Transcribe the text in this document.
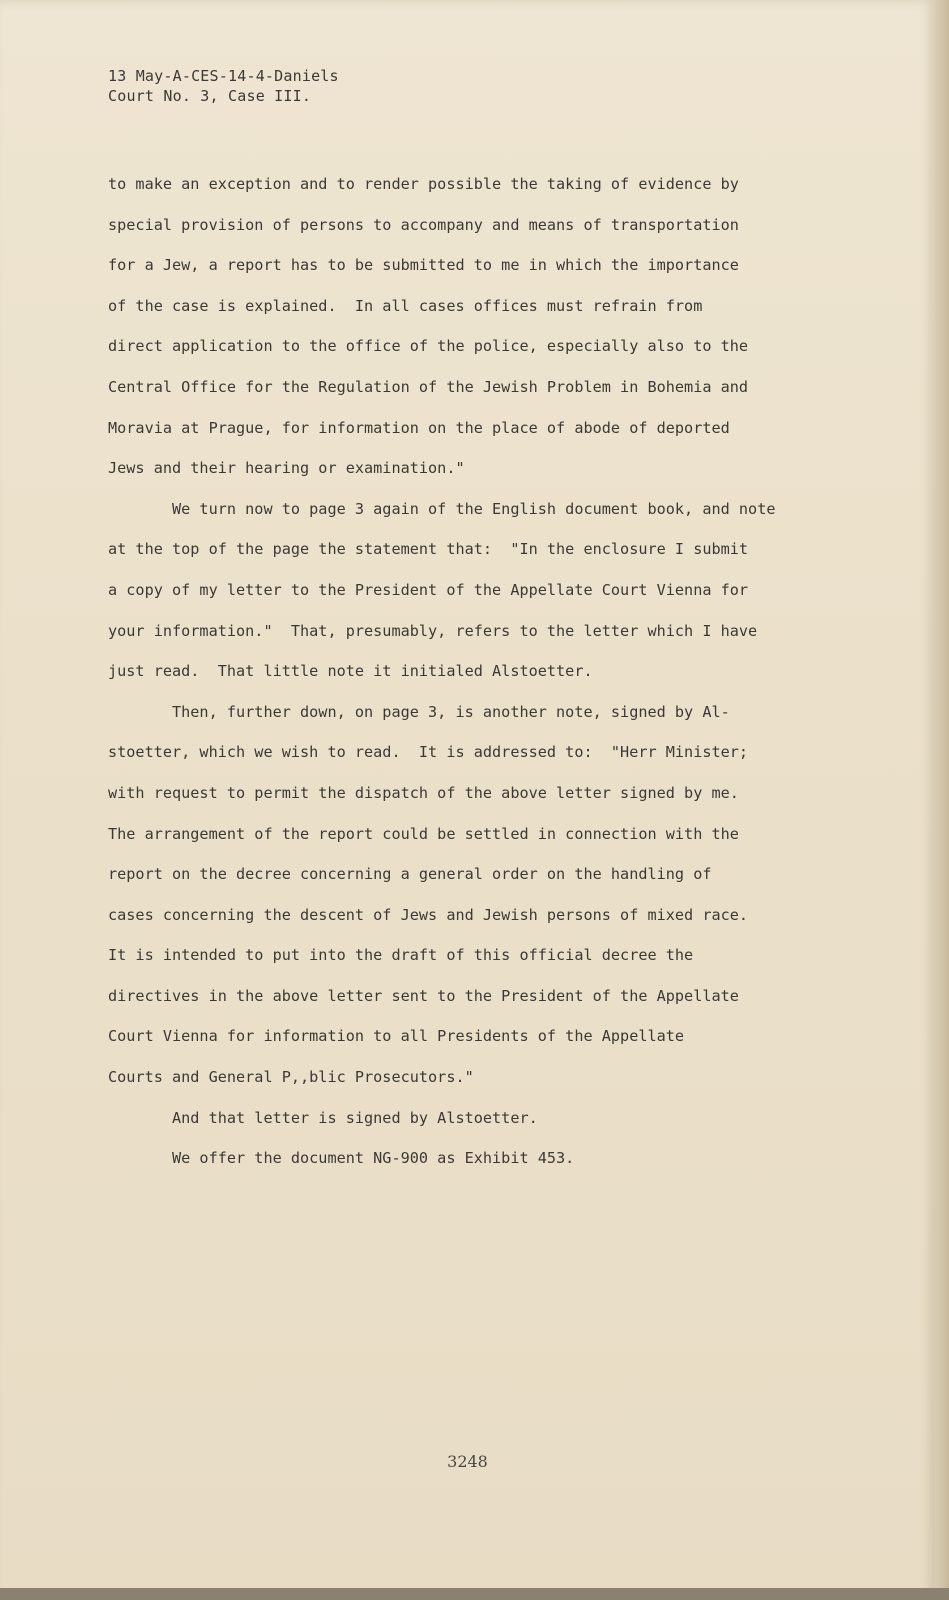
13 May-A-CES-14-4-Daniels
Court No. 3, Case III.
to make an exception and to render possible the taking of evidence by
special provision of persons to accompany and means of transportation
for a Jew, a report has to be submitted to me in which the importance
of the case is explained.  In all cases offices must refrain from
direct application to the office of the police, especially also to the
Central Office for the Regulation of the Jewish Problem in Bohemia and
Moravia at Prague, for information on the place of abode of deported
Jews and their hearing or examination."
We turn now to page 3 again of the English document book, and note
at the top of the page the statement that:  "In the enclosure I submit
a copy of my letter to the President of the Appellate Court Vienna for
your information."  That, presumably, refers to the letter which I have
just read.  That little note it initialed Alstoetter.
Then, further down, on page 3, is another note, signed by Al-
stoetter, which we wish to read.  It is addressed to:  "Herr Minister;
with request to permit the dispatch of the above letter signed by me.
The arrangement of the report could be settled in connection with the
report on the decree concerning a general order on the handling of
cases concerning the descent of Jews and Jewish persons of mixed race.
It is intended to put into the draft of this official decree the
directives in the above letter sent to the President of the Appellate
Court Vienna for information to all Presidents of the Appellate
Courts and General P,,blic Prosecutors."
And that letter is signed by Alstoetter.
We offer the document NG-900 as Exhibit 453.
3248
